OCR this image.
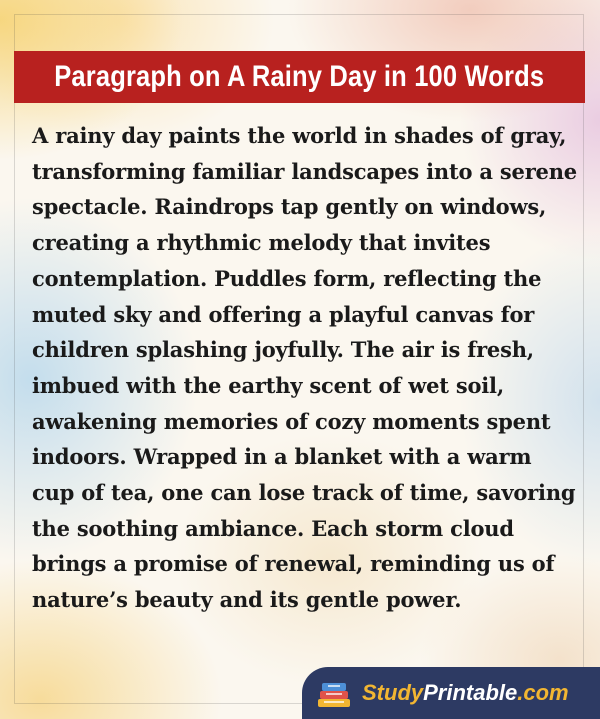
Paragraph on A Rainy Day in 100 Words

A rainy day paints the world in shades of gray, transforming familiar landscapes into a serene spectacle. Raindrops tap gently on windows, creating a rhythmic melody that invites contemplation. Puddles form, reflecting the muted sky and offering a playful canvas for children splashing joyfully. The air is fresh, imbued with the earthy scent of wet soil, awakening memories of cozy moments spent indoors. Wrapped in a blanket with a warm cup of tea, one can lose track of time, savoring the soothing ambiance. Each storm cloud brings a promise of renewal, reminding us of nature’s beauty and its gentle power.

StudyPrintable.com
